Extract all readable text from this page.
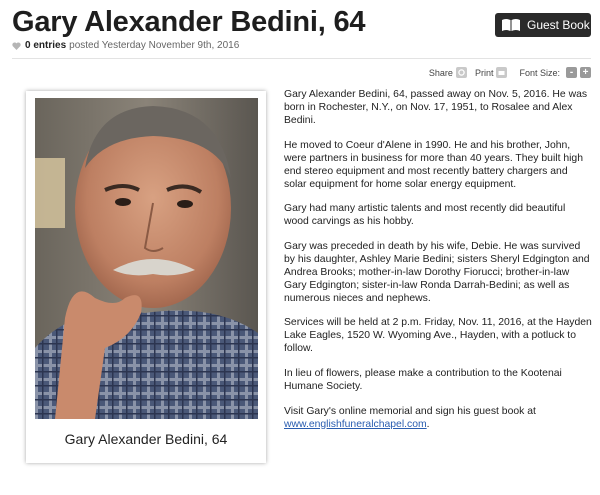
Gary Alexander Bedini, 64	Guest Book
0 entries posted Yesterday November 9th, 2016
Share Print	Font Size: - +
Gary Alexander Bedini, 64

Gary Alexander Bedini, 64, passed away on Nov. 5, 2016. He was born in Rochester, N.Y., on Nov. 17, 1951, to Rosalee and Alex Bedini.

He moved to Coeur d'Alene in 1990. He and his brother, John, were partners in business for more than 40 years. They built high end stereo equipment and most recently battery chargers and solar equipment for home solar energy equipment.

Gary had many artistic talents and most recently did beautiful wood carvings as his hobby.

Gary was preceded in death by his wife, Debie. He was survived by his daughter, Ashley Marie Bedini; sisters Sheryl Edgington and Andrea Brooks; mother-in-law Dorothy Fiorucci; brother-in-law Gary Edgington; sister-in-law Ronda Darrah-Bedini; as well as numerous nieces and nephews.

Services will be held at 2 p.m. Friday, Nov. 11, 2016, at the Hayden Lake Eagles, 1520 W. Wyoming Ave., Hayden, with a potluck to follow.

In lieu of flowers, please make a contribution to the Kootenai Humane Society.

Visit Gary's online memorial and sign his guest book at www.englishfuneralchapel.com.
